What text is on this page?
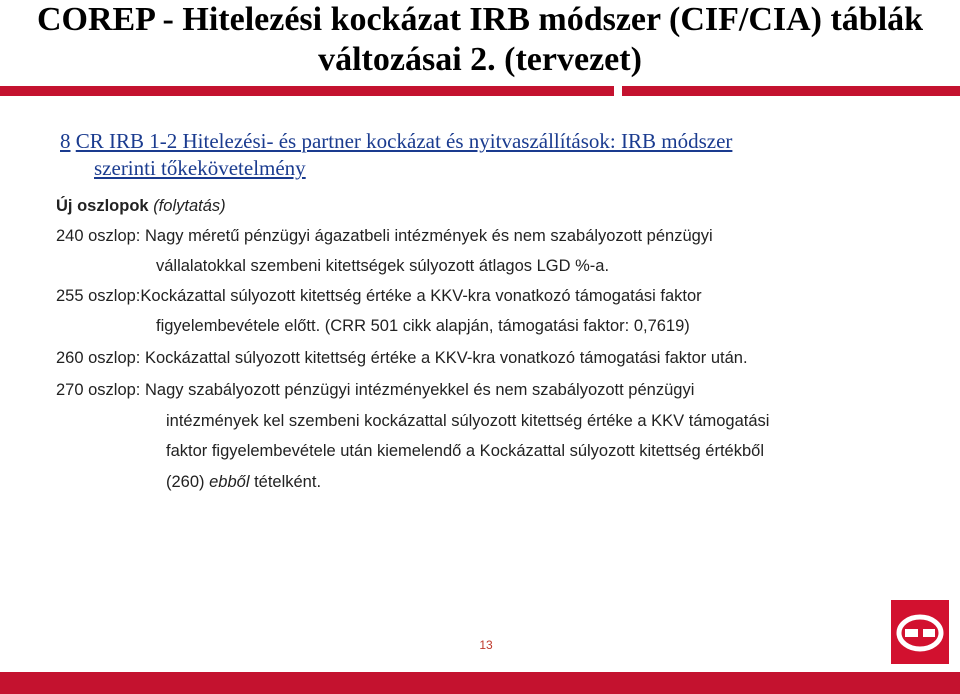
COREP - Hitelezési kockázat IRB módszer (CIF/CIA) táblák
változásai 2. (tervezet)
8 CR IRB 1-2 Hitelezési- és partner kockázat és nyitvaszállítások: IRB módszer
szerinti tőkekövetelmény
Új oszlopok (folytatás)
240 oszlop: Nagy méretű pénzügyi ágazatbeli intézmények és nem szabályozott pénzügyi
vállalatokkal szembeni kitettségek súlyozott átlagos LGD %-a.
255 oszlop:Kockázattal súlyozott kitettség értéke a KKV-kra vonatkozó támogatási faktor
figyelembevétele előtt. (CRR 501 cikk alapján, támogatási faktor: 0,7619)
260 oszlop: Kockázattal súlyozott kitettség értéke a KKV-kra vonatkozó támogatási faktor után.
270 oszlop: Nagy szabályozott pénzügyi intézményekkel és nem szabályozott pénzügyi
intézmények kel szembeni kockázattal súlyozott kitettség értéke a KKV támogatási
faktor figyelembevétele után kiemelendő a Kockázattal súlyozott kitettség értékből
(260) ebből tételként.
13
